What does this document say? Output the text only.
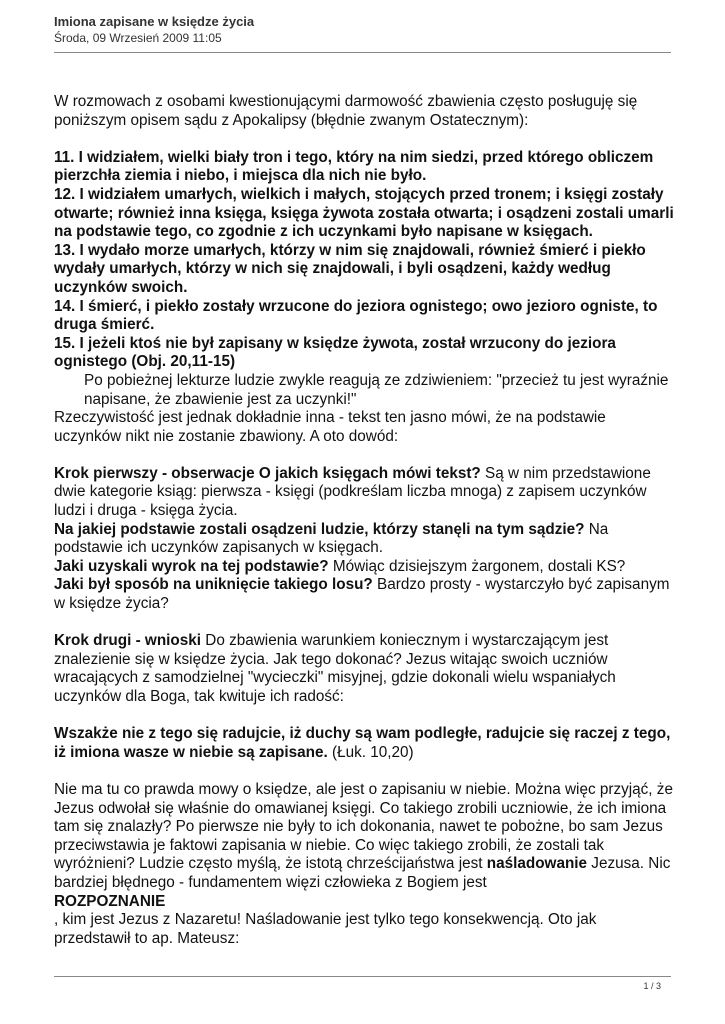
Imiona zapisane w księdze życia
Środa, 09 Wrzesień 2009 11:05

W rozmowach z osobami kwestionującymi darmowość zbawienia często posługuję się poniższym opisem sądu z Apokalipsy (błędnie zwanym Ostatecznym):

11. I widziałem, wielki biały tron i tego, który na nim siedzi, przed którego obliczem pierzchła ziemia i niebo, i miejsca dla nich nie było.

12. I widziałem umarłych, wielkich i małych, stojących przed tronem; i księgi zostały otwarte; również inna księga, księga żywota została otwarta; i osądzeni zostali umarli na podstawie tego, co zgodnie z ich uczynkami było napisane w księgach.

13. I wydało morze umarłych, którzy w nim się znajdowali, również śmierć i piekło wydały umarłych, którzy w nich się znajdowali, i byli osądzeni, każdy według uczynków swoich.

14. I śmierć, i piekło zostały wrzucone do jeziora ognistego; owo jezioro ogniste, to druga śmierć.

15. I jeżeli ktoś nie był zapisany w księdze żywota, został wrzucony do jeziora ognistego (Obj. 20,11-15)

Po pobieżnej lekturze ludzie zwykle reagują ze zdziwieniem: "przecież tu jest wyraźnie napisane, że zbawienie jest za uczynki!"

Rzeczywistość jest jednak dokładnie inna - tekst ten jasno mówi, że na podstawie uczynków nikt nie zostanie zbawiony. A oto dowód:

Krok pierwszy - obserwacje O jakich księgach mówi tekst? Są w nim przedstawione dwie kategorie ksiąg: pierwsza - księgi (podkreślam liczba mnoga) z zapisem uczynków ludzi i druga - księga życia.

Na jakiej podstawie zostali osądzeni ludzie, którzy stanęli na tym sądzie? Na podstawie ich uczynków zapisanych w księgach.

Jaki uzyskali wyrok na tej podstawie? Mówiąc dzisiejszym żargonem, dostali KS?

Jaki był sposób na uniknięcie takiego losu? Bardzo prosty - wystarczyło być zapisanym w księdze życia?

Krok drugi - wnioski Do zbawienia warunkiem koniecznym i wystarczającym jest znalezienie się w księdze życia. Jak tego dokonać? Jezus witając swoich uczniów wracających z samodzielnej "wycieczki" misyjnej, gdzie dokonali wielu wspaniałych uczynków dla Boga, tak kwituje ich radość:

Wszakże nie z tego się radujcie, iż duchy są wam podległe, radujcie się raczej z tego, iż imiona wasze w niebie są zapisane. (Łuk. 10,20)

Nie ma tu co prawda mowy o księdze, ale jest o zapisaniu w niebie. Można więc przyjąć, że Jezus odwołał się właśnie do omawianej księgi. Co takiego zrobili uczniowie, że ich imiona tam się znalazły? Po pierwsze nie były to ich dokonania, nawet te pobożne, bo sam Jezus przeciwstawia je faktowi zapisania w niebie. Co więc takiego zrobili, że zostali tak wyróżnieni? Ludzie często myślą, że istotą chrześcijaństwa jest naśladowanie Jezusa. Nic bardziej błędnego - fundamentem więzi człowieka z Bogiem jest

ROZPOZNANIE

, kim jest Jezus z Nazaretu! Naśladowanie jest tylko tego konsekwencją. Oto jak przedstawił to ap. Mateusz:

1 / 3
